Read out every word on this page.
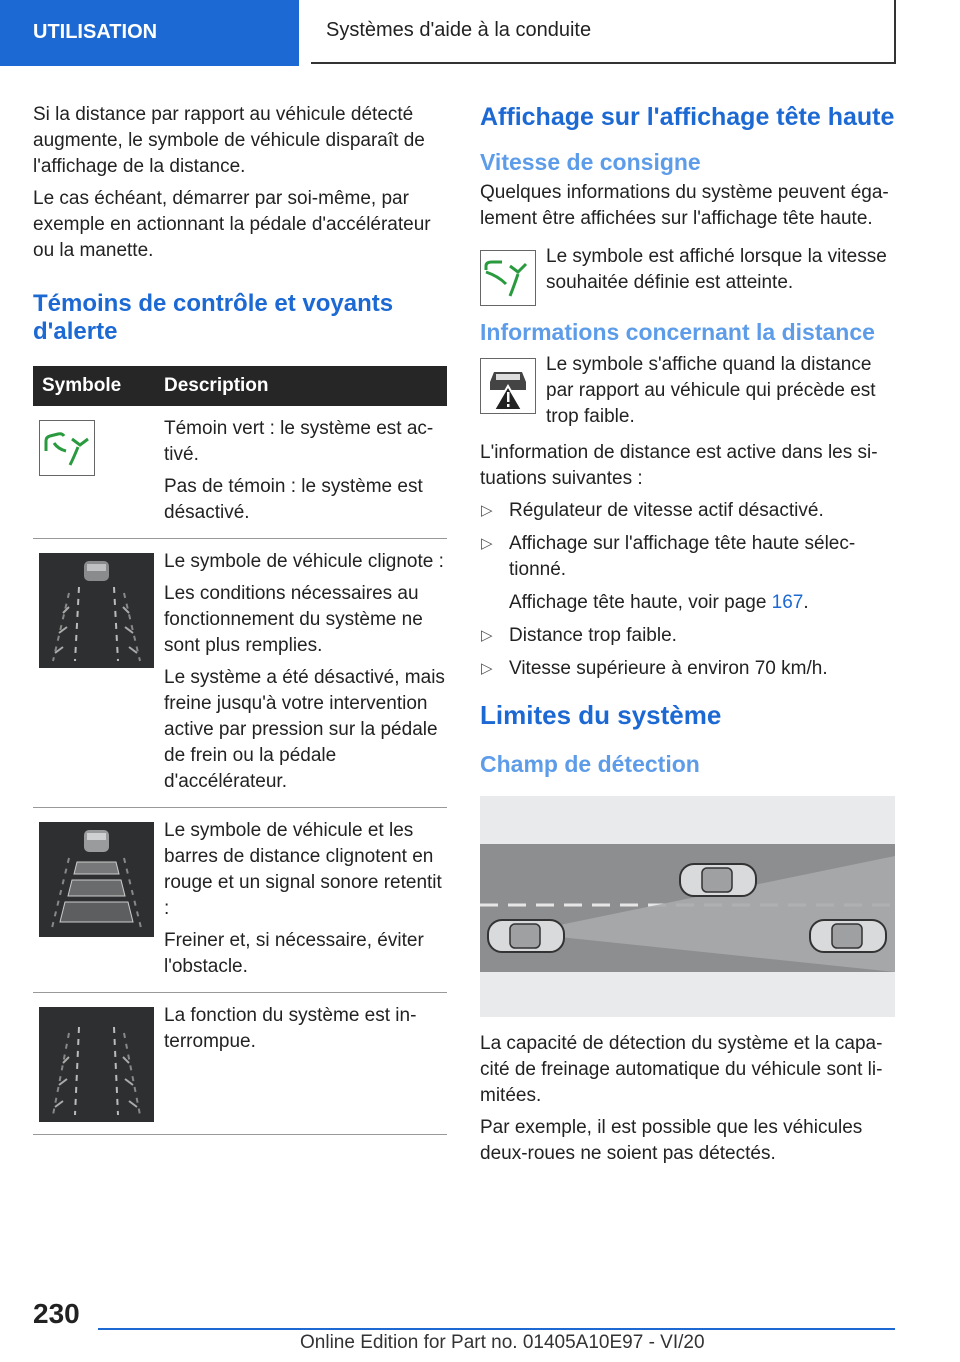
UTILISATION	Systèmes d'aide à la conduite

Si la distance par rapport au véhicule détecté augmente, le symbole de véhicule disparaît de l'affichage de la distance.

Le cas échéant, démarrer par soi-même, par exemple en actionnant la pédale d'accélérateur ou la manette.

Témoins de contrôle et voyants d'alerte
Symbole	Description

Témoin vert : le système est activé.

Pas de témoin : le système est désactivé.

Le symbole de véhicule clignote :

Les conditions nécessaires au fonctionnement du système ne sont plus remplies.

Le système a été désactivé, mais freine jusqu'à votre intervention active par pression sur la pédale de frein ou la pédale d'accélérateur.

Le symbole de véhicule et les barres de distance clignotent en rouge et un signal sonore retentit :

Freiner et, si nécessaire, éviter l'obstacle.

La fonction du système est interrompue.

Affichage sur l'affichage tête haute
Vitesse de consigne

Quelques informations du système peuvent également être affichées sur l'affichage tête haute.

Le symbole est affiché lorsque la vitesse souhaitée définie est atteinte.
Informations concernant la distance
Le symbole s'affiche quand la distance par rapport au véhicule qui précède est trop faible.

L'information de distance est active dans les situations suivantes :

▷ Régulateur de vitesse actif désactivé.
▷ Affichage sur l'affichage tête haute sélectionné.
Affichage tête haute, voir page 167.
▷ Distance trop faible.
▷ Vitesse supérieure à environ 70 km/h.
Limites du système
Champ de détection

La capacité de détection du système et la capacité de freinage automatique du véhicule sont limitées.

Par exemple, il est possible que les véhicules deux-roues ne soient pas détectés.

230
Online Edition for Part no. 01405A10E97 - VI/20
